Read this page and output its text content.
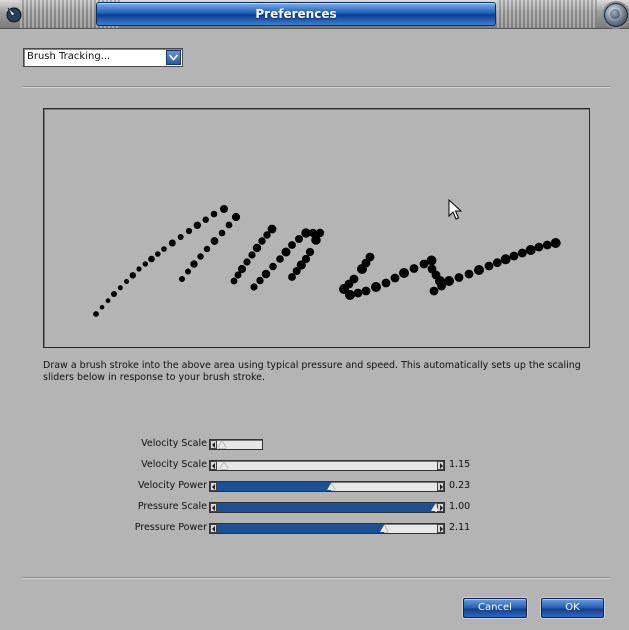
Preferences
Brush Tracking...
Draw a brush stroke into the above area using typical pressure and speed. This automatically sets up the scaling sliders below in response to your brush stroke.
Velocity Scale
Velocity Scale	1.15
Velocity Power	0.23
Pressure Scale	1.00
Pressure Power	2.11
Cancel	OK
